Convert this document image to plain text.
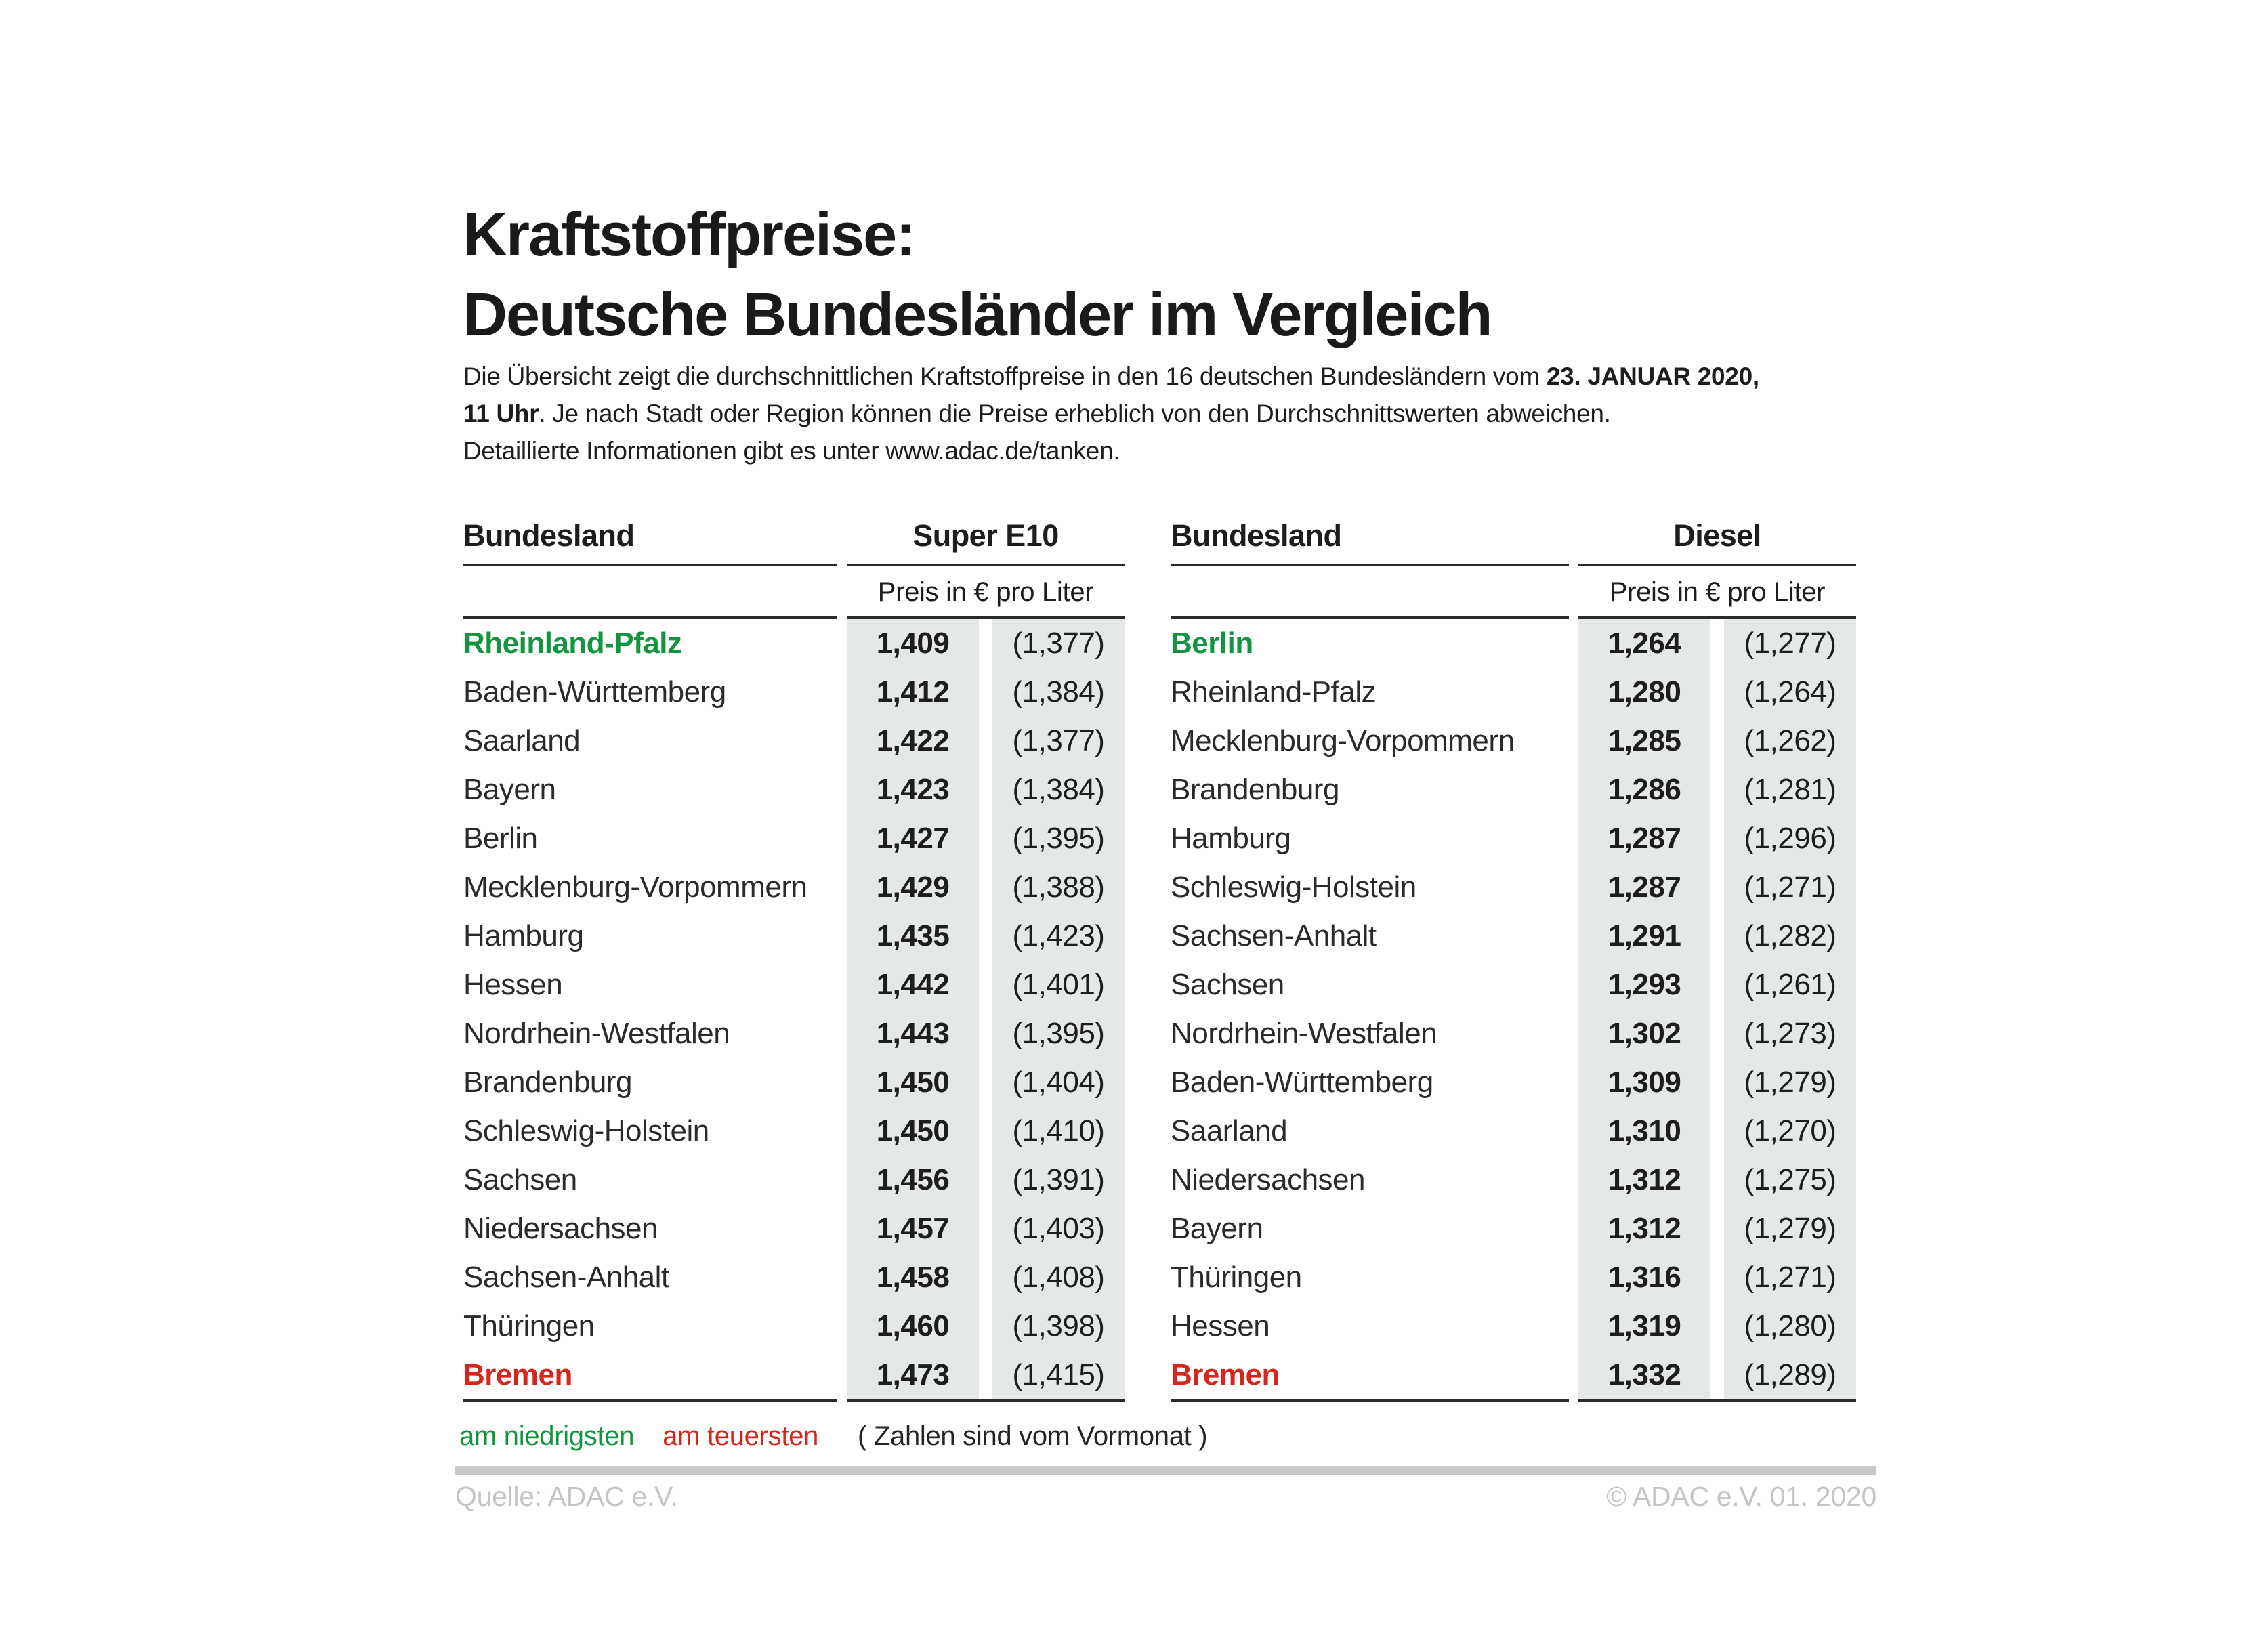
Kraftstoffpreise:
Deutsche Bundesländer im Vergleich
Die Übersicht zeigt die durchschnittlichen Kraftstoffpreise in den 16 deutschen Bundesländern vom 23. JANUAR 2020,
11 Uhr. Je nach Stadt oder Region können die Preise erheblich von den Durchschnittswerten abweichen.
Detaillierte Informationen gibt es unter www.adac.de/tanken.
Bundesland	Super E10
Preis in € pro Liter
Rheinland-Pfalz	1,409	(1,377)
Baden-Württemberg	1,412	(1,384)
Saarland	1,422	(1,377)
Bayern	1,423	(1,384)
Berlin	1,427	(1,395)
Mecklenburg-Vorpommern	1,429	(1,388)
Hamburg	1,435	(1,423)
Hessen	1,442	(1,401)
Nordrhein-Westfalen	1,443	(1,395)
Brandenburg	1,450	(1,404)
Schleswig-Holstein	1,450	(1,410)
Sachsen	1,456	(1,391)
Niedersachsen	1,457	(1,403)
Sachsen-Anhalt	1,458	(1,408)
Thüringen	1,460	(1,398)
Bremen	1,473	(1,415)
Bundesland	Diesel
Preis in € pro Liter
Berlin	1,264	(1,277)
Rheinland-Pfalz	1,280	(1,264)
Mecklenburg-Vorpommern	1,285	(1,262)
Brandenburg	1,286	(1,281)
Hamburg	1,287	(1,296)
Schleswig-Holstein	1,287	(1,271)
Sachsen-Anhalt	1,291	(1,282)
Sachsen	1,293	(1,261)
Nordrhein-Westfalen	1,302	(1,273)
Baden-Württemberg	1,309	(1,279)
Saarland	1,310	(1,270)
Niedersachsen	1,312	(1,275)
Bayern	1,312	(1,279)
Thüringen	1,316	(1,271)
Hessen	1,319	(1,280)
Bremen	1,332	(1,289)
am niedrigsten am teuersten ( Zahlen sind vom Vormonat )
Quelle: ADAC e.V.	© ADAC e.V. 01. 2020
